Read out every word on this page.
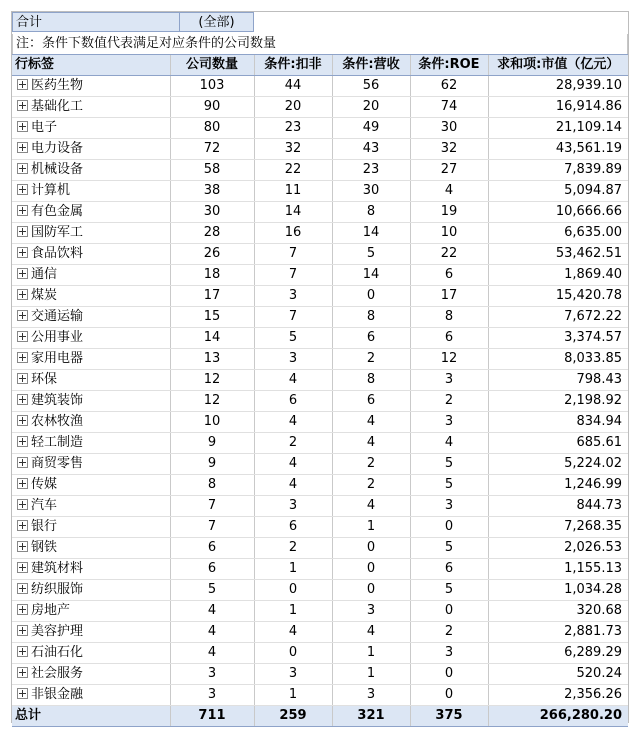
合计	(全部)
注：条件下数值代表满足对应条件的公司数量
行标签	公司数量	条件:扣非	条件:营收	条件:ROE	求和项:市值（亿元）
医药生物	103	44	56	62	28,939.10
基础化工	90	20	20	74	16,914.86
电子	80	23	49	30	21,109.14
电力设备	72	32	43	32	43,561.19
机械设备	58	22	23	27	7,839.89
计算机	38	11	30	4	5,094.87
有色金属	30	14	8	19	10,666.66
国防军工	28	16	14	10	6,635.00
食品饮料	26	7	5	22	53,462.51
通信	18	7	14	6	1,869.40
煤炭	17	3	0	17	15,420.78
交通运输	15	7	8	8	7,672.22
公用事业	14	5	6	6	3,374.57
家用电器	13	3	2	12	8,033.85
环保	12	4	8	3	798.43
建筑装饰	12	6	6	2	2,198.92
农林牧渔	10	4	4	3	834.94
轻工制造	9	2	4	4	685.61
商贸零售	9	4	2	5	5,224.02
传媒	8	4	2	5	1,246.99
汽车	7	3	4	3	844.73
银行	7	6	1	0	7,268.35
钢铁	6	2	0	5	2,026.53
建筑材料	6	1	0	6	1,155.13
纺织服饰	5	0	0	5	1,034.28
房地产	4	1	3	0	320.68
美容护理	4	4	4	2	2,881.73
石油石化	4	0	1	3	6,289.29
社会服务	3	3	1	0	520.24
非银金融	3	1	3	0	2,356.26
总计	711	259	321	375	266,280.20
